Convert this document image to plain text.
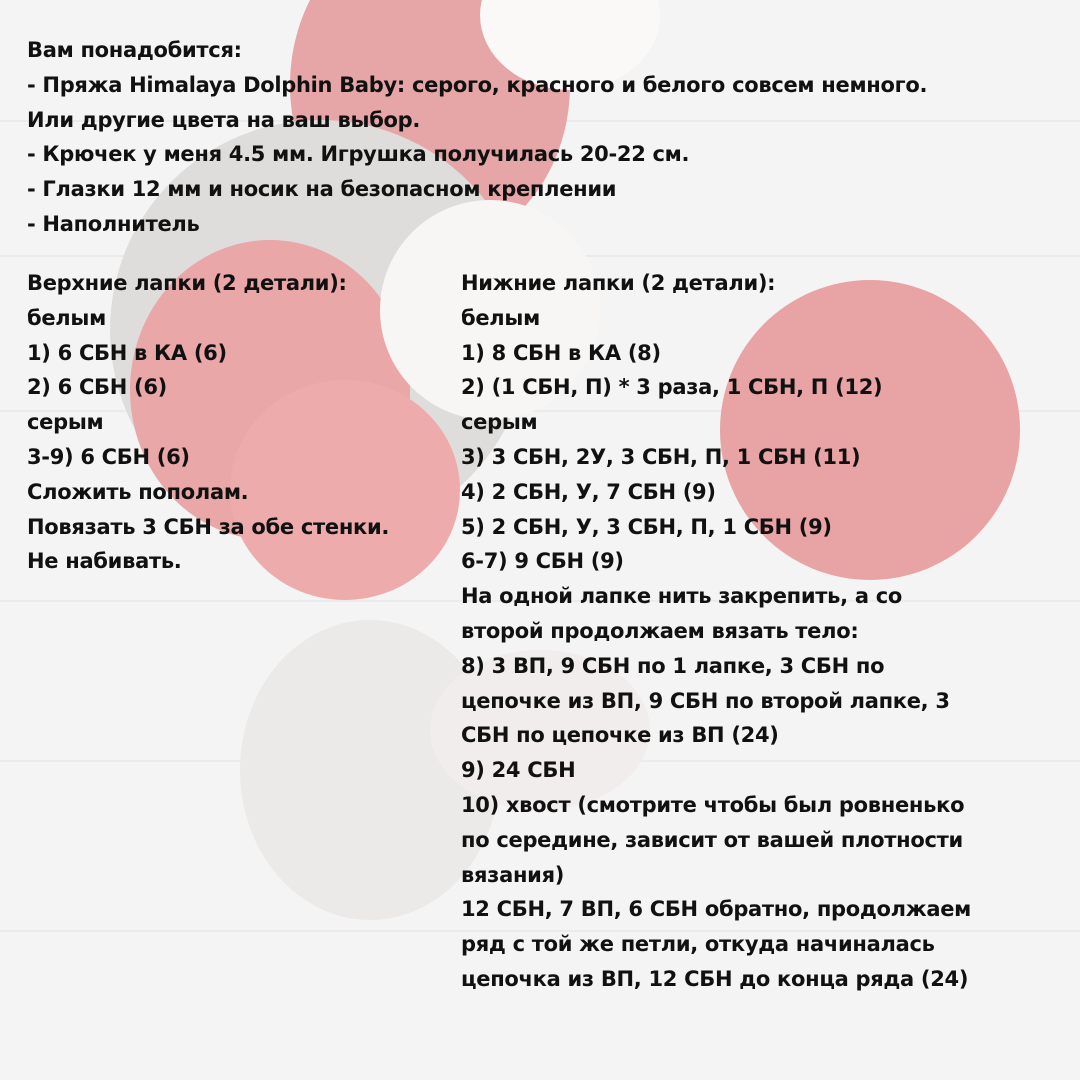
Вам понадобится:
- Пряжа Himalaya Dolphin Baby: серого, красного и белого совсем немного.
Или другие цвета на ваш выбор.
- Крючек у меня 4.5 мм. Игрушка получилась 20-22 см.
- Глазки 12 мм и носик на безопасном креплении
- Наполнитель
Верхние лапки (2 детали):
белым
1) 6 СБН в КА (6)
2) 6 СБН (6)
серым
3-9) 6 СБН (6)
Сложить пополам.
Повязать 3 СБН за обе стенки.
Не набивать.
Нижние лапки (2 детали):
белым
1) 8 СБН в КА (8)
2) (1 СБН, П) * 3 раза, 1 СБН, П (12)
серым
3) 3 СБН, 2У, 3 СБН, П, 1 СБН (11)
4) 2 СБН, У, 7 СБН (9)
5) 2 СБН, У, 3 СБН, П, 1 СБН (9)
6-7) 9 СБН (9)
На одной лапке нить закрепить, а со
второй продолжаем вязать тело:
8) 3 ВП, 9 СБН по 1 лапке, 3 СБН по
цепочке из ВП, 9 СБН по второй лапке, 3
СБН по цепочке из ВП (24)
9) 24 СБН
10) хвост (смотрите чтобы был ровненько
по середине, зависит от вашей плотности
вязания)
12 СБН, 7 ВП, 6 СБН обратно, продолжаем
ряд с той же петли, откуда начиналась
цепочка из ВП, 12 СБН до конца ряда (24)
